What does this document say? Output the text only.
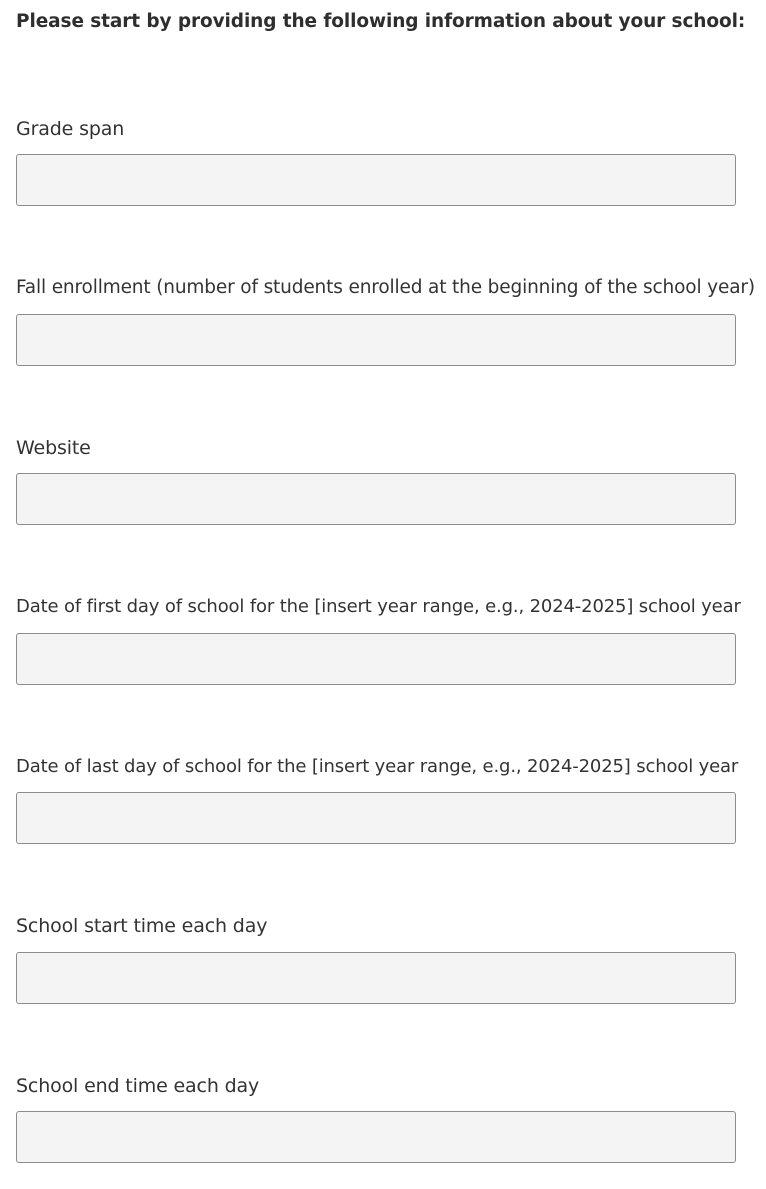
Please start by providing the following information about your school:
Grade span
Fall enrollment (number of students enrolled at the beginning of the school year)
Website
Date of first day of school for the [insert year range, e.g., 2024-2025] school year
Date of last day of school for the [insert year range, e.g., 2024-2025] school year
School start time each day
School end time each day
